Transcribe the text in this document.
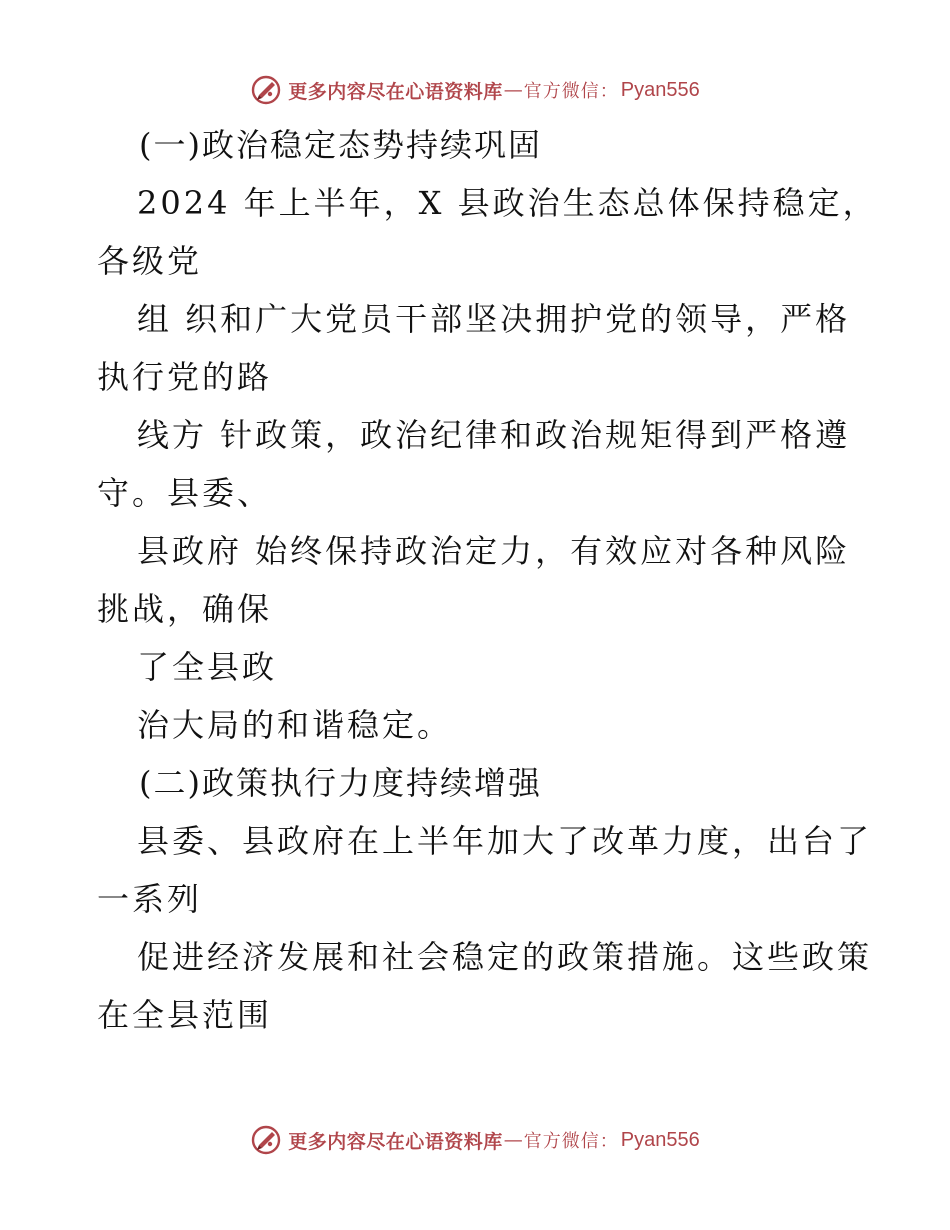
更多内容尽在心语资料库 — 官方微信： Pyan556
(一)政治稳定态势持续巩固
2024 年上半年，X 县政治生态总体保持稳定，
各级党
组 织和广大党员干部坚决拥护党的领导，严格
执行党的路
线方 针政策，政治纪律和政治规矩得到严格遵
守。县委、
县政府 始终保持政治定力，有效应对各种风险
挑战，确保
了全县政
治大局的和谐稳定。
(二)政策执行力度持续增强
县委、县政府在上半年加大了改革力度，出台了
一系列
促进经济发展和社会稳定的政策措施。这些政策
在全县范围
更多内容尽在心语资料库 — 官方微信： Pyan556
